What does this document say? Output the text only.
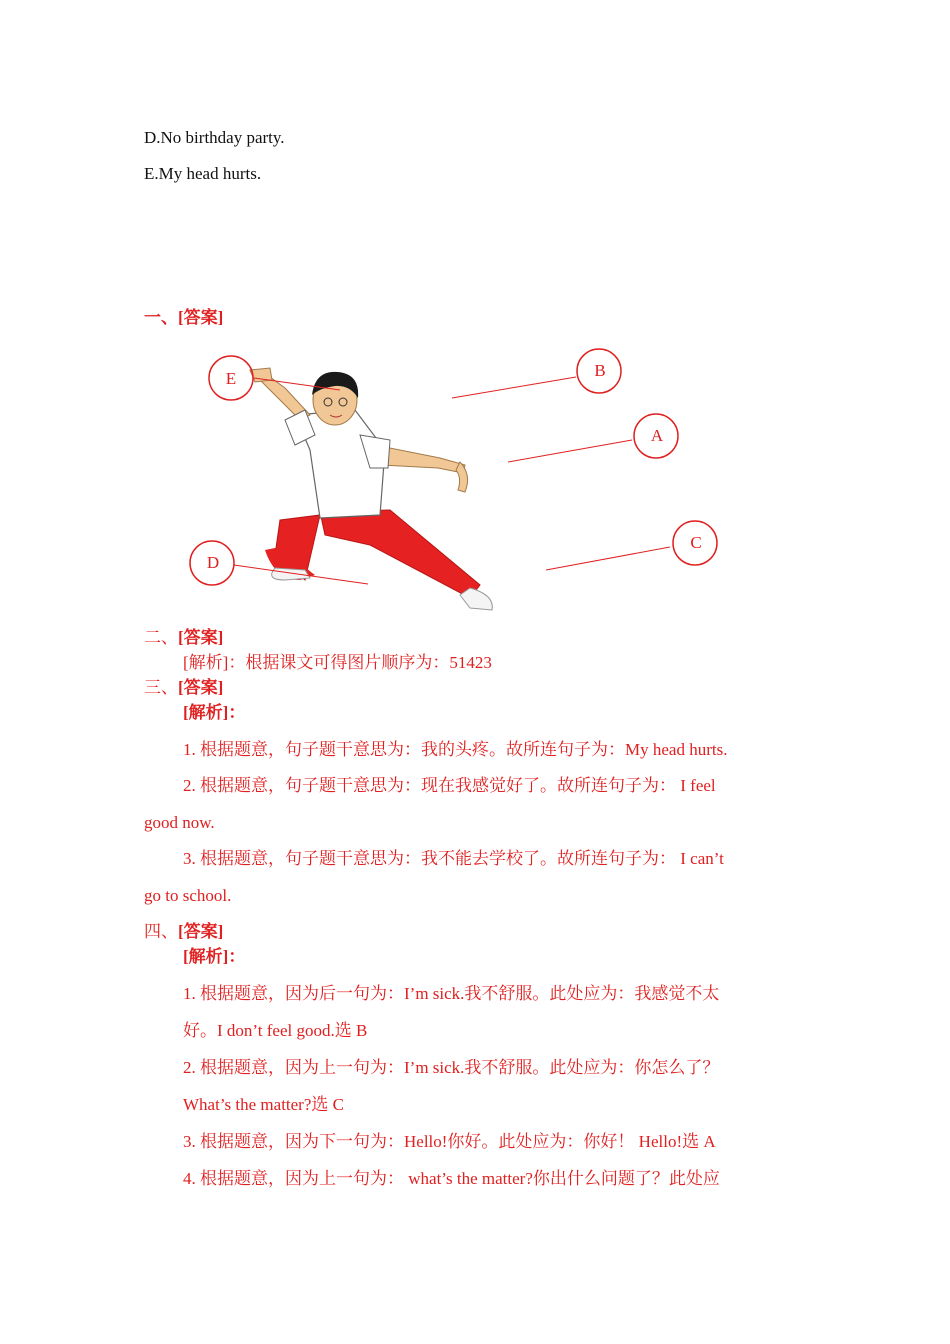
D.No birthday party.
E.My head hurts.
一、[答案]
E	B
A
C
D
二、[答案]
[解析]：根据课文可得图片顺序为：51423
三、[答案]
[解析]：
1. 根据题意，句子题干意思为：我的头疼。故所连句子为：My head hurts.
2. 根据题意，句子题干意思为：现在我感觉好了。故所连句子为： I feel
good now.
3. 根据题意，句子题干意思为：我不能去学校了。故所连句子为： I can’t
go to school.
四、[答案]
[解析]：
1. 根据题意，因为后一句为：I’m sick.我不舒服。此处应为：我感觉不太
好。I don’t feel good.选 B
2. 根据题意，因为上一句为：I’m sick.我不舒服。此处应为：你怎么了？
What’s the matter?选 C
3. 根据题意，因为下一句为：Hello!你好。此处应为：你好！ Hello!选 A
4. 根据题意，因为上一句为： what’s the matter?你出什么问题了？此处应
